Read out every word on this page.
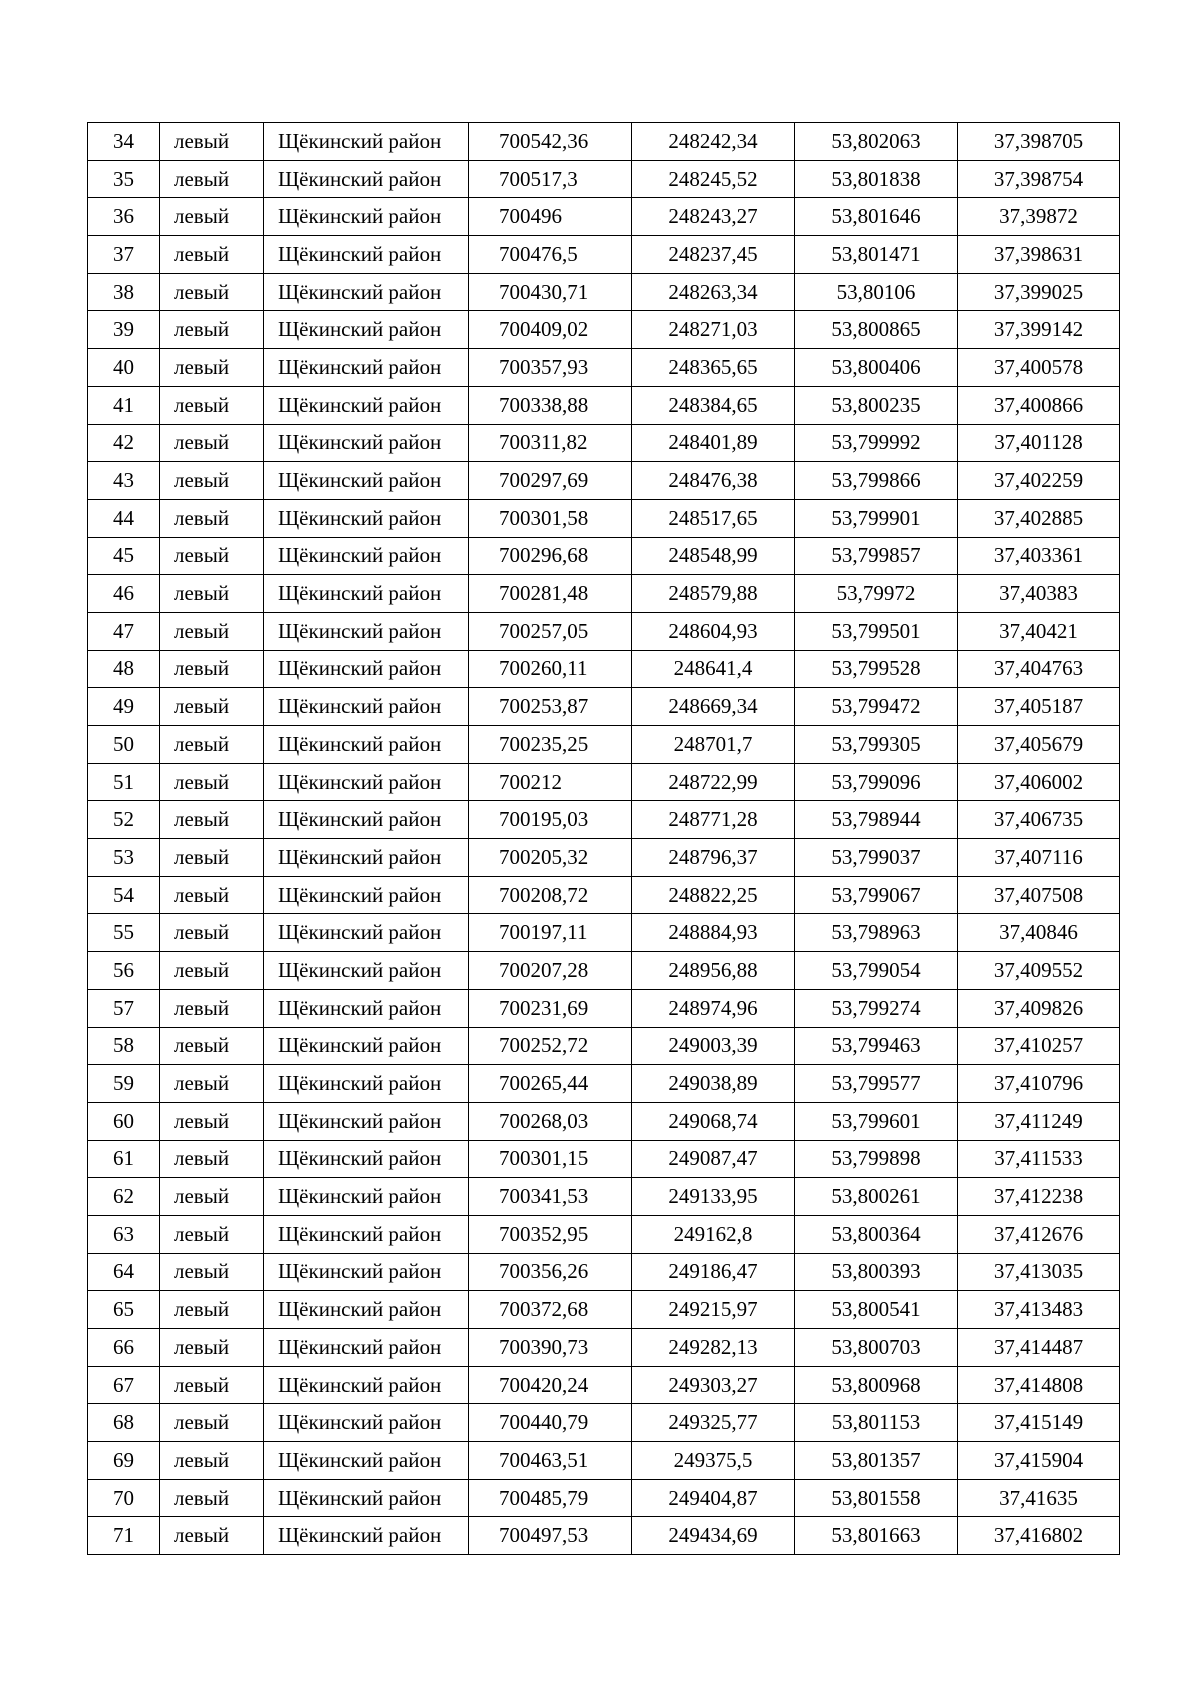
34	левый	Щёкинский район	700542,36	248242,34	53,802063	37,398705
35	левый	Щёкинский район	700517,3	248245,52	53,801838	37,398754
36	левый	Щёкинский район	700496	248243,27	53,801646	37,39872
37	левый	Щёкинский район	700476,5	248237,45	53,801471	37,398631
38	левый	Щёкинский район	700430,71	248263,34	53,80106	37,399025
39	левый	Щёкинский район	700409,02	248271,03	53,800865	37,399142
40	левый	Щёкинский район	700357,93	248365,65	53,800406	37,400578
41	левый	Щёкинский район	700338,88	248384,65	53,800235	37,400866
42	левый	Щёкинский район	700311,82	248401,89	53,799992	37,401128
43	левый	Щёкинский район	700297,69	248476,38	53,799866	37,402259
44	левый	Щёкинский район	700301,58	248517,65	53,799901	37,402885
45	левый	Щёкинский район	700296,68	248548,99	53,799857	37,403361
46	левый	Щёкинский район	700281,48	248579,88	53,79972	37,40383
47	левый	Щёкинский район	700257,05	248604,93	53,799501	37,40421
48	левый	Щёкинский район	700260,11	248641,4	53,799528	37,404763
49	левый	Щёкинский район	700253,87	248669,34	53,799472	37,405187
50	левый	Щёкинский район	700235,25	248701,7	53,799305	37,405679
51	левый	Щёкинский район	700212	248722,99	53,799096	37,406002
52	левый	Щёкинский район	700195,03	248771,28	53,798944	37,406735
53	левый	Щёкинский район	700205,32	248796,37	53,799037	37,407116
54	левый	Щёкинский район	700208,72	248822,25	53,799067	37,407508
55	левый	Щёкинский район	700197,11	248884,93	53,798963	37,40846
56	левый	Щёкинский район	700207,28	248956,88	53,799054	37,409552
57	левый	Щёкинский район	700231,69	248974,96	53,799274	37,409826
58	левый	Щёкинский район	700252,72	249003,39	53,799463	37,410257
59	левый	Щёкинский район	700265,44	249038,89	53,799577	37,410796
60	левый	Щёкинский район	700268,03	249068,74	53,799601	37,411249
61	левый	Щёкинский район	700301,15	249087,47	53,799898	37,411533
62	левый	Щёкинский район	700341,53	249133,95	53,800261	37,412238
63	левый	Щёкинский район	700352,95	249162,8	53,800364	37,412676
64	левый	Щёкинский район	700356,26	249186,47	53,800393	37,413035
65	левый	Щёкинский район	700372,68	249215,97	53,800541	37,413483
66	левый	Щёкинский район	700390,73	249282,13	53,800703	37,414487
67	левый	Щёкинский район	700420,24	249303,27	53,800968	37,414808
68	левый	Щёкинский район	700440,79	249325,77	53,801153	37,415149
69	левый	Щёкинский район	700463,51	249375,5	53,801357	37,415904
70	левый	Щёкинский район	700485,79	249404,87	53,801558	37,41635
71	левый	Щёкинский район	700497,53	249434,69	53,801663	37,416802
